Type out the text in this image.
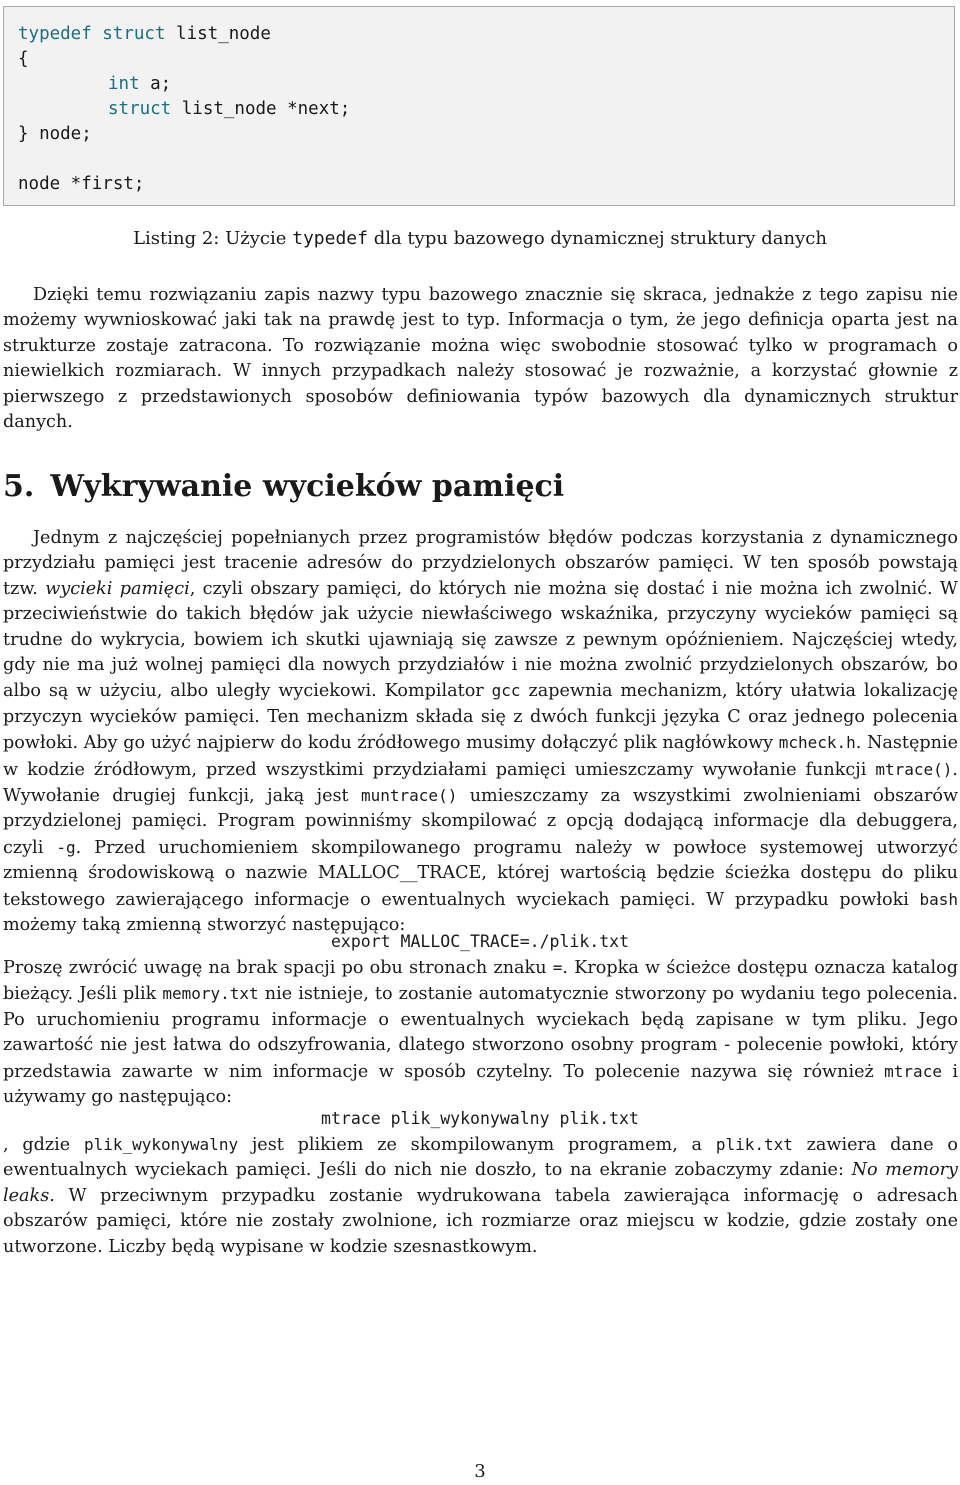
typedef struct list_node
{
int a;
struct list_node *next;
} node;
node *first;
Listing 2: Użycie typedef dla typu bazowego dynamicznej struktury danych

Dzięki temu rozwiązaniu zapis nazwy typu bazowego znacznie się skraca, jednakże z tego zapisu nie możemy wywnioskować jaki tak na prawdę jest to typ. Informacja o tym, że jego definicja oparta jest na strukturze zostaje zatracona. To rozwiązanie można więc swobodnie stosować tylko w programach o niewielkich rozmiarach. W innych przypadkach należy stosować je rozważnie, a korzystać głownie z pierwszego z przedstawionych sposobów definiowania typów bazowych dla dynamicznych struktur danych.

5. Wykrywanie wycieków pamięci

Jednym z najczęściej popełnianych przez programistów błędów podczas korzystania z dynamicznego przydziału pamięci jest tracenie adresów do przydzielonych obszarów pamięci. W ten sposób powstają tzw. wycieki pamięci, czyli obszary pamięci, do których nie można się dostać i nie można ich zwolnić. W przeciwieństwie do takich błędów jak użycie niewłaściwego wskaźnika, przyczyny wycieków pamięci są trudne do wykrycia, bowiem ich skutki ujawniają się zawsze z pewnym opóźnieniem. Najczęściej wtedy, gdy nie ma już wolnej pamięci dla nowych przydziałów i nie można zwolnić przydzielonych obszarów, bo albo są w użyciu, albo uległy wyciekowi. Kompilator gcc zapewnia mechanizm, który ułatwia lokalizację przyczyn wycieków pamięci. Ten mechanizm składa się z dwóch funkcji języka C oraz jednego polecenia powłoki. Aby go użyć najpierw do kodu źródłowego musimy dołączyć plik nagłówkowy mcheck.h. Następnie w kodzie źródłowym, przed wszystkimi przydziałami pamięci umieszczamy wywołanie funkcji mtrace(). Wywołanie drugiej funkcji, jaką jest muntrace() umieszczamy za wszystkimi zwolnieniami obszarów przydzielonej pamięci. Program powinniśmy skompilować z opcją dodającą informacje dla debuggera, czyli -g. Przed uruchomieniem skompilowanego programu należy w powłoce systemowej utworzyć zmienną środowiskową o nazwie MALLOC__TRACE, której wartością będzie ścieżka dostępu do pliku tekstowego zawierającego informacje o ewentualnych wyciekach pamięci. W przypadku powłoki bash możemy taką zmienną stworzyć następująco:

export MALLOC_TRACE=./plik.txt

Proszę zwrócić uwagę na brak spacji po obu stronach znaku =. Kropka w ścieżce dostępu oznacza katalog bieżący. Jeśli plik memory.txt nie istnieje, to zostanie automatycznie stworzony po wydaniu tego polecenia. Po uruchomieniu programu informacje o ewentualnych wyciekach będą zapisane w tym pliku. Jego zawartość nie jest łatwa do odszyfrowania, dlatego stworzono osobny program - polecenie powłoki, który przedstawia zawarte w nim informacje w sposób czytelny. To polecenie nazywa się również mtrace i używamy go następująco:

mtrace plik_wykonywalny plik.txt

, gdzie plik_wykonywalny jest plikiem ze skompilowanym programem, a plik.txt zawiera dane o ewentualnych wyciekach pamięci. Jeśli do nich nie doszło, to na ekranie zobaczymy zdanie: No memory leaks. W przeciwnym przypadku zostanie wydrukowana tabela zawierająca informację o adresach obszarów pamięci, które nie zostały zwolnione, ich rozmiarze oraz miejscu w kodzie, gdzie zostały one utworzone. Liczby będą wypisane w kodzie szesnastkowym.

3
